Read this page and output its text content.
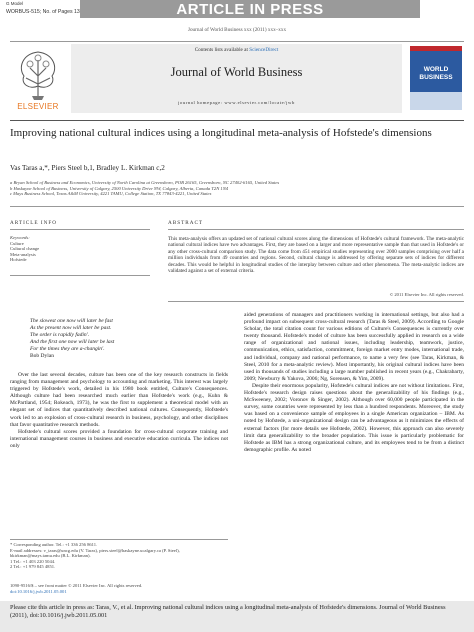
ARTICLE IN PRESS
G Model
WORBUS-515; No. of Pages 13
Journal of World Business xxx (2011) xxx–xxx
ELSEVIER
Contents lists available at ScienceDirect
Journal of World Business
journal homepage: www.elsevier.com/locate/jwb
WORLD BUSINESS
Improving national cultural indices using a longitudinal meta-analysis of Hofstede's dimensions
Vas Taras a,*, Piers Steel b,1, Bradley L. Kirkman c,2
a Bryan School of Business and Economics, University of North Carolina at Greensboro, POB 26165, Greensboro, NC 27402-6165, United States
b Haskayne School of Business, University of Calgary, 2500 University Drive NW, Calgary, Alberta, Canada T2N 1N4
c Mays Business School, Texas A&M University, 4221 TAMU, College Station, TX 77843-4221, United States
ARTICLE INFO
Keywords:
Culture
Cultural change
Meta-analysis
Hofstede
ABSTRACT
This meta-analysis offers an updated set of national cultural scores along the dimensions of Hofstede's cultural framework. The meta-analytic national cultural indices have two advantages. First, they are based on a larger and more representative sample than that used in Hofstede's or any other cross-cultural comparison study. The data come from 451 empirical studies representing over 2000 samples comprising over half a million individuals from 49 countries and regions. Second, cultural change is addressed by offering separate sets of indices for different decades. This would be helpful in longitudinal studies of the interplay between culture and other phenomena. The meta-analytic indices are validated against a set of external criteria.
© 2011 Elsevier Inc. All rights reserved.
The slowest one now will later be fast
As the present now will later be past.
The order is rapidly fadin'.
And the first one now will later be last
For the times they are a-changin'.
Bob Dylan

Over the last several decades, culture has been one of the key research constructs in fields ranging from management and psychology to accounting and marketing. This interest was largely triggered by Hofstede's work, detailed in his 1980 book entitled, Culture's Consequences. Although culture had been researched much earlier than Hofstede's work (e.g., Kuhn & McPartland, 1954; Rokeach, 1973), he was the first to supplement a theoretical model with an elegant set of indices that quantitatively described national cultures. Consequently, Hofstede's work led to an explosion of cross-cultural research in business, psychology, and other disciplines that favor quantitative research methods.

Hofstede's cultural scores provided a foundation for cross-cultural corporate training and international management courses in business and executive education curricula. The indices not only

* Corresponding author. Tel.: +1 336 256 8611.
E-mail addresses: v_taras@uncg.edu (V. Taras), piers.steel@haskayne.ucalgary.ca (P. Steel), bkirkman@mays.tamu.edu (B.L. Kirkman).
1 Tel.: +1 403 220 5044.
2 Tel.: +1 979 845 4851.
1090-9516/$ – see front matter © 2011 Elsevier Inc. All rights reserved.
doi:10.1016/j.jwb.2011.05.001

aided generations of managers and practitioners working in international settings, but also had a profound impact on subsequent cross-cultural research (Taras & Steel, 2009). According to Google Scholar, the total citation count for various editions of Culture's Consequences is currently over twenty thousand. Hofstede's model of culture has been successfully applied in research on a wide range of organizational and national issues, including leadership, teamwork, justice, communication, ethics, satisfaction, commitment, foreign market entry modes, international trade, and individual, company and national performance, to name a very few (see Taras, Kirkman, & Steel, 2010 for a meta-analytic review). Most importantly, his original cultural indices have been used in thousands of studies including a large number published in recent years (e.g., Chakrabarty, 2009; Newburry & Yakova, 2006; Ng, Sorensen, & Yim, 2009).

Despite their enormous popularity, Hofstede's cultural indices are not without limitations. First, Hofstede's research design raises questions about the generalizability of his findings (e.g., McSweeney, 2002; Voronov & Singer, 2002). Although over 60,000 people participated in the survey, some countries were represented by less than a hundred respondents. Moreover, the study was based on a convenience sample of employees in a single American organization – IBM. As noted by Hofstede, a uni-organizational design can be advantageous as it minimizes the effects of external factors (for more details see Hofstede, 2002). However, this approach can also severely limit data generalizability to the broader population. This issue is particularly problematic for Hofstede as IBM has a strong organizational culture, and its employees tend to be from a distinct demographic profile. As noted

Please cite this article in press as: Taras, V., et al. Improving national cultural indices using a longitudinal meta-analysis of Hofstede's dimensions. Journal of World Business (2011), doi:10.1016/j.jwb.2011.05.001
